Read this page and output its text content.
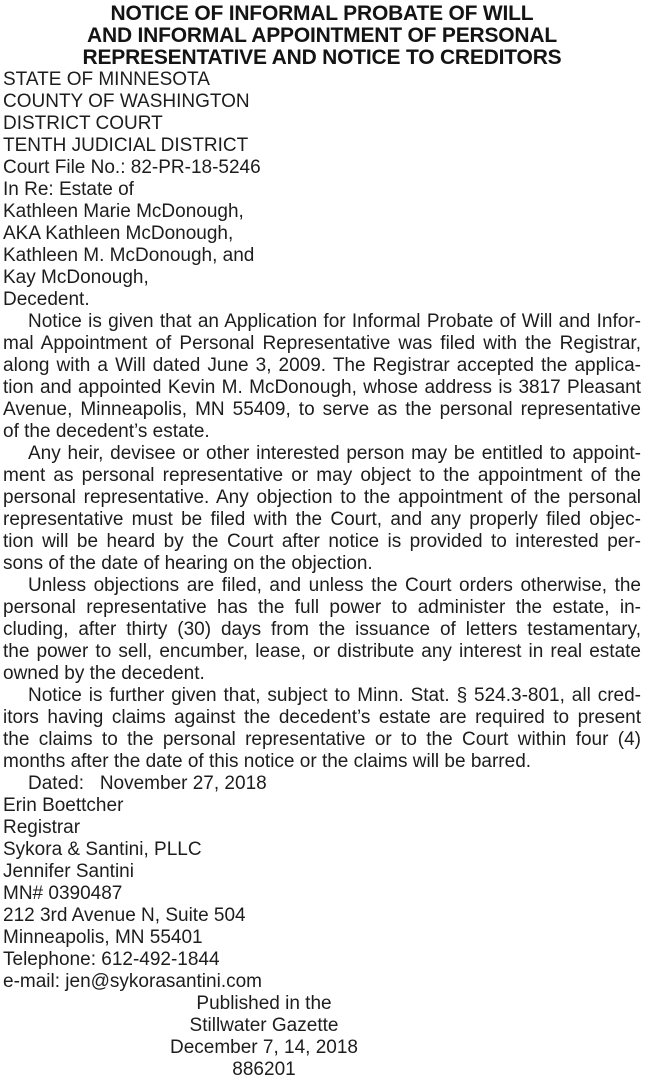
NOTICE OF INFORMAL PROBATE OF WILL
AND INFORMAL APPOINTMENT OF PERSONAL
REPRESENTATIVE AND NOTICE TO CREDITORS
STATE OF MINNESOTA
COUNTY OF WASHINGTON
DISTRICT COURT
TENTH JUDICIAL DISTRICT
Court File No.: 82-PR-18-5246
In Re: Estate of
Kathleen Marie McDonough,
AKA Kathleen McDonough,
Kathleen M. McDonough, and
Kay McDonough,
Decedent.
Notice is given that an Application for Informal Probate of Will and Infor-
mal Appointment of Personal Representative was filed with the Registrar,
along with a Will dated June 3, 2009. The Registrar accepted the applica-
tion and appointed Kevin M. McDonough, whose address is 3817 Pleasant
Avenue, Minneapolis, MN 55409, to serve as the personal representative
of the decedent’s estate.
Any heir, devisee or other interested person may be entitled to appoint-
ment as personal representative or may object to the appointment of the
personal representative. Any objection to the appointment of the personal
representative must be filed with the Court, and any properly filed objec-
tion will be heard by the Court after notice is provided to interested per-
sons of the date of hearing on the objection.
Unless objections are filed, and unless the Court orders otherwise, the
personal representative has the full power to administer the estate, in-
cluding, after thirty (30) days from the issuance of letters testamentary,
the power to sell, encumber, lease, or distribute any interest in real estate
owned by the decedent.
Notice is further given that, subject to Minn. Stat. § 524.3-801, all cred-
itors having claims against the decedent’s estate are required to present
the claims to the personal representative or to the Court within four (4)
months after the date of this notice or the claims will be barred.
Dated:   November 27, 2018
Erin Boettcher
Registrar
Sykora & Santini, PLLC
Jennifer Santini
MN# 0390487
212 3rd Avenue N, Suite 504
Minneapolis, MN 55401
Telephone: 612-492-1844
e-mail: jen@sykorasantini.com
Published in the
Stillwater Gazette
December 7, 14, 2018
886201
